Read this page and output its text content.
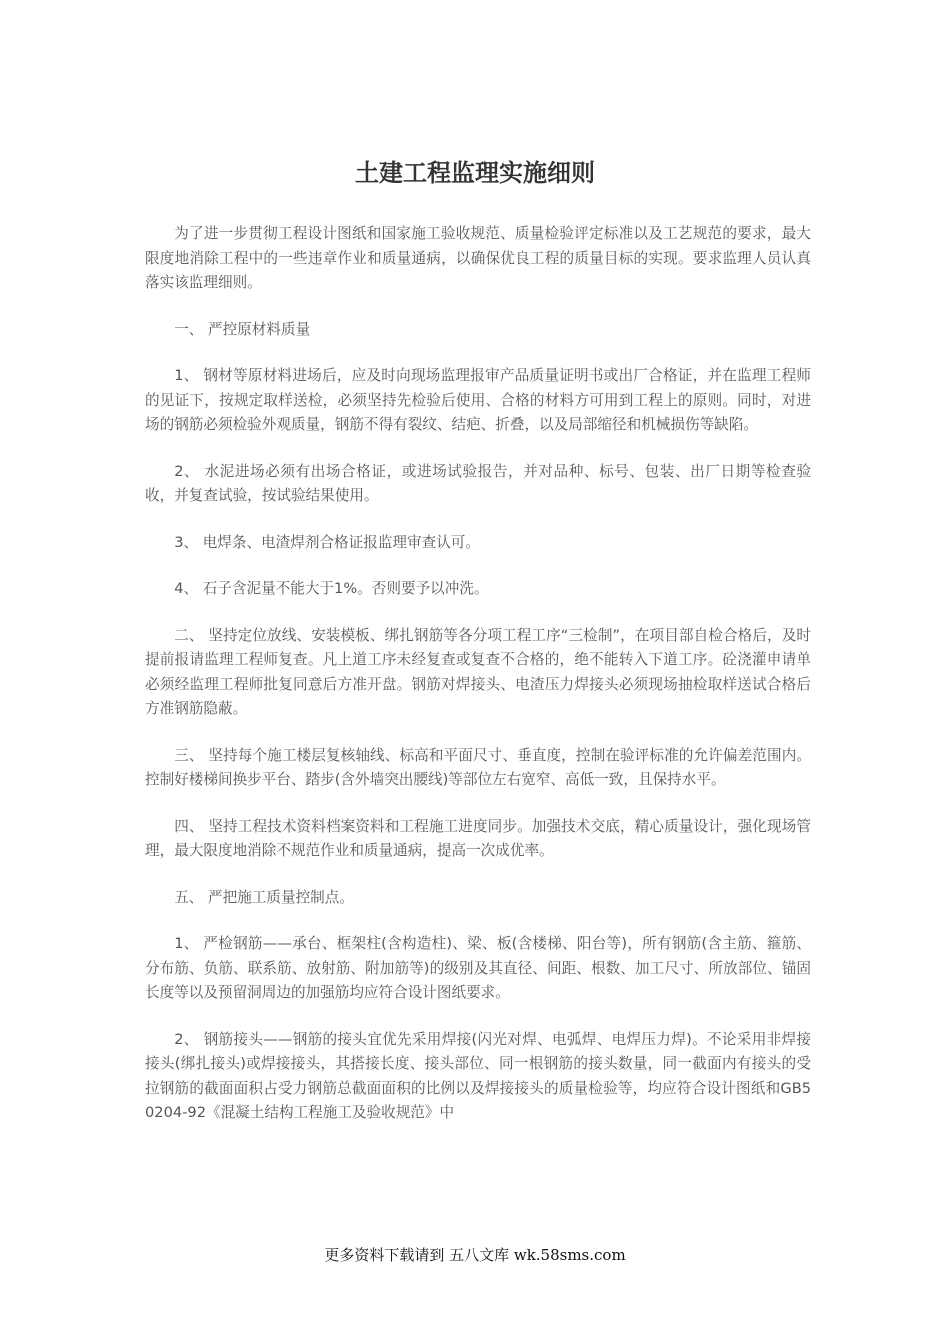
土建工程监理实施细则

为了进一步贯彻工程设计图纸和国家施工验收规范、质量检验评定标准以及工艺规范的要求，最大限度地消除工程中的一些违章作业和质量通病，以确保优良工程的质量目标的实现。要求监理人员认真落实该监理细则。

一、 严控原材料质量

1、 钢材等原材料进场后，应及时向现场监理报审产品质量证明书或出厂合格证，并在监理工程师的见证下，按规定取样送检，必须坚持先检验后使用、合格的材料方可用到工程上的原则。同时，对进场的钢筋必须检验外观质量，钢筋不得有裂纹、结疤、折叠，以及局部缩径和机械损伤等缺陷。

2、 水泥进场必须有出场合格证，或进场试验报告，并对品种、标号、包装、出厂日期等检查验收，并复查试验，按试验结果使用。

3、 电焊条、电渣焊剂合格证报监理审查认可。

4、 石子含泥量不能大于1%。否则要予以冲洗。

二、 坚持定位放线、安装模板、绑扎钢筋等各分项工程工序“三检制”，在项目部自检合格后，及时提前报请监理工程师复查。凡上道工序未经复查或复查不合格的，绝不能转入下道工序。砼浇灌申请单必须经监理工程师批复同意后方准开盘。钢筋对焊接头、电渣压力焊接头必须现场抽检取样送试合格后方准钢筋隐蔽。

三、 坚持每个施工楼层复核轴线、标高和平面尺寸、垂直度，控制在验评标准的允许偏差范围内。控制好楼梯间换步平台、踏步(含外墙突出腰线)等部位左右宽窄、高低一致，且保持水平。

四、 坚持工程技术资料档案资料和工程施工进度同步。加强技术交底，精心质量设计，强化现场管理，最大限度地消除不规范作业和质量通病，提高一次成优率。

五、 严把施工质量控制点。

1、 严检钢筋——承台、框架柱(含构造柱)、梁、板(含楼梯、阳台等)，所有钢筋(含主筋、箍筋、分布筋、负筋、联系筋、放射筋、附加筋等)的级别及其直径、间距、根数、加工尺寸、所放部位、锚固长度等以及预留洞周边的加强筋均应符合设计图纸要求。

2、 钢筋接头——钢筋的接头宜优先采用焊接(闪光对焊、电弧焊、电焊压力焊)。不论采用非焊接接头(绑扎接头)或焊接接头，其搭接长度、接头部位、同一根钢筋的接头数量，同一截面内有接头的受拉钢筋的截面面积占受力钢筋总截面面积的比例以及焊接接头的质量检验等，均应符合设计图纸和GB50204-92《混凝土结构工程施工及验收规范》中

更多资料下载请到 五八文库 wk.58sms.com
